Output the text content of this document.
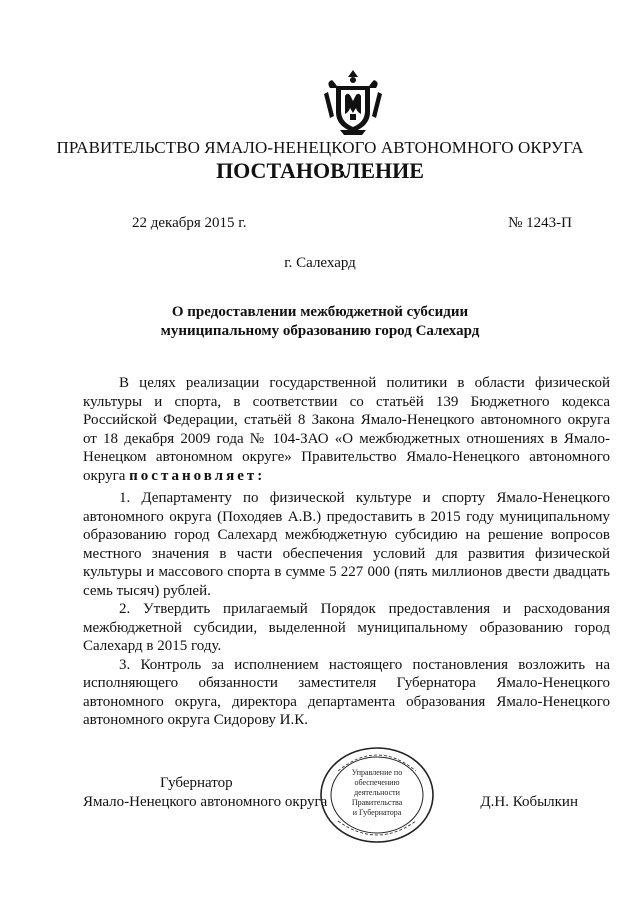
ПРАВИТЕЛЬСТВО ЯМАЛО-НЕНЕЦКОГО АВТОНОМНОГО ОКРУГА
ПОСТАНОВЛЕНИЕ
22 декабря 2015 г.	№ 1243-П
г. Салехард
О предоставлении межбюджетной субсидии
муниципальному образованию город Салехард

В целях реализации государственной политики в области физической культуры и спорта, в соответствии со статьёй 139 Бюджетного кодекса Российской Федерации, статьёй 8 Закона Ямало-Ненецкого автономного округа от 18 декабря 2009 года № 104-ЗАО «О межбюджетных отношениях в Ямало-Ненецком автономном округе» Правительство Ямало-Ненецкого автономного округа постановляет:

1. Департаменту по физической культуре и спорту Ямало-Ненецкого автономного округа (Походяев А.В.) предоставить в 2015 году муниципальному образованию город Салехард межбюджетную субсидию на решение вопросов местного значения в части обеспечения условий для развития физической культуры и массового спорта в сумме 5 227 000 (пять миллионов двести двадцать семь тысяч) рублей.

2. Утвердить прилагаемый Порядок предоставления и расходования межбюджетной субсидии, выделенной муниципальному образованию город Салехард в 2015 году.

3. Контроль за исполнением настоящего постановления возложить на исполняющего обязанности заместителя Губернатора Ямало-Ненецкого автономного округа, директора департамента образования Ямало-Ненецкого автономного округа Сидорову И.К.

Губернатор
Ямало-Ненецкого автономного округа	Д.Н. Кобылкин
Управление по
обеспечению
деятельности
Правительства
и Губернатора
